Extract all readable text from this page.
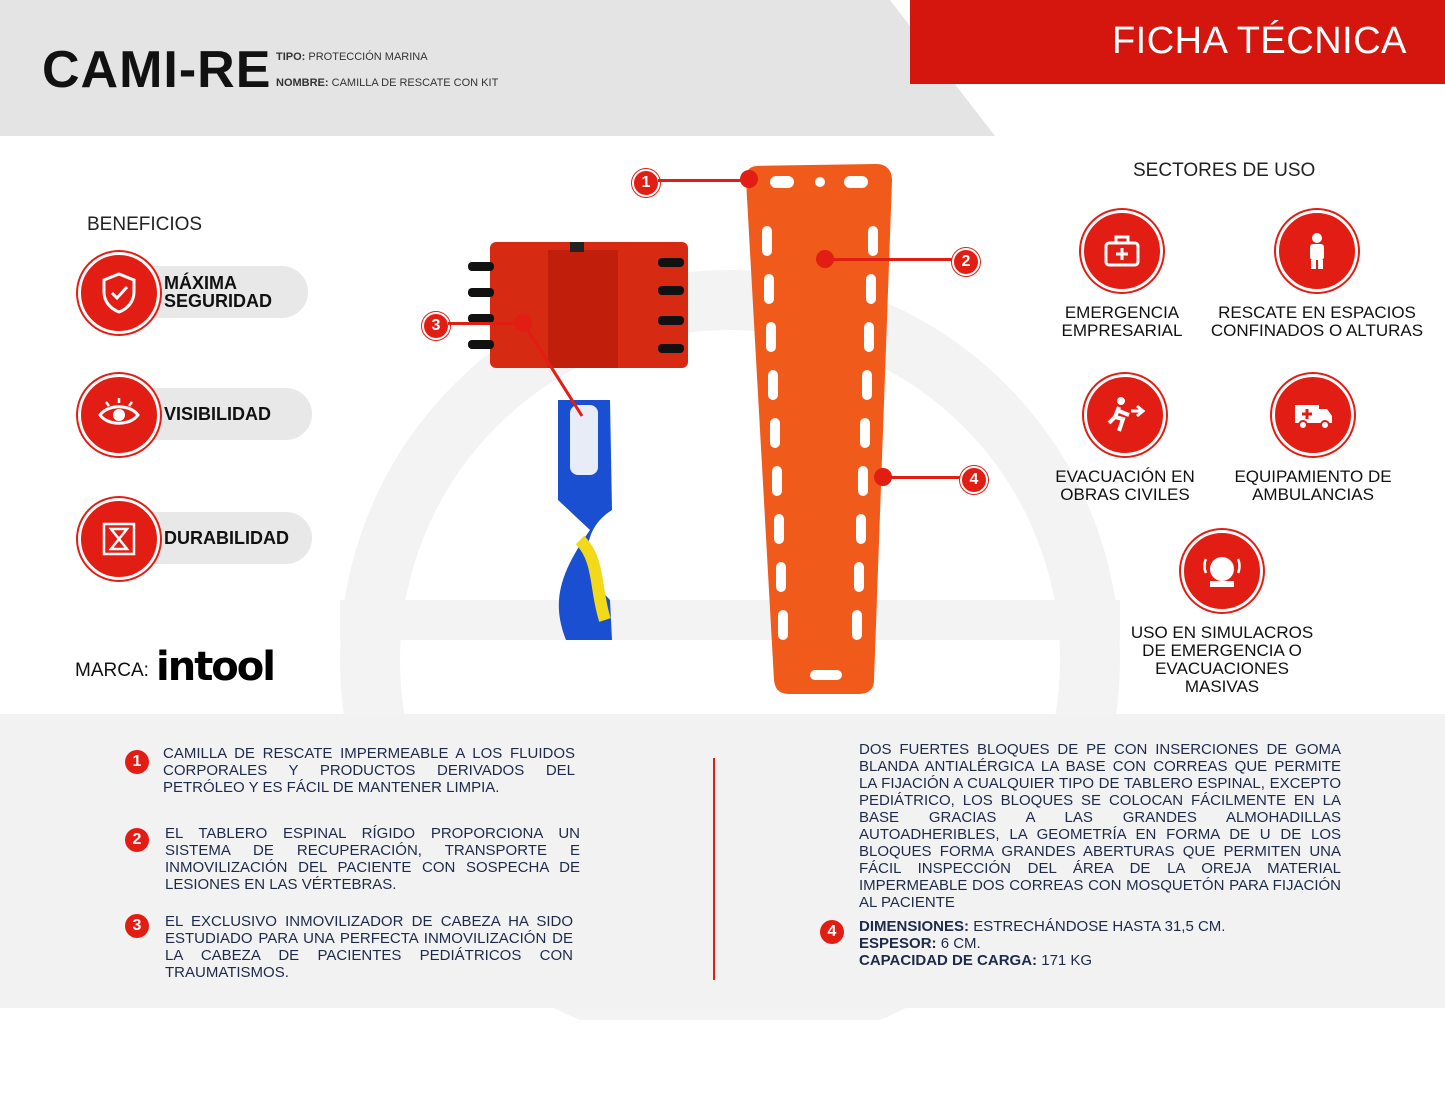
FICHA TÉCNICA
CAMI-RE TIPO: PROTECCIÓN MARINA
NOMBRE: CAMILLA DE RESCATE CON KIT
BENEFICIOS
MÁXIMA
SEGURIDAD
VISIBILIDAD
DURABILIDAD
MARCA: intool
1
2
3
4
SECTORES DE USO
EMERGENCIA
EMPRESARIAL
RESCATE EN ESPACIOS
CONFINADOS O ALTURAS
EVACUACIÓN EN
OBRAS CIVILES
EQUIPAMIENTO DE
AMBULANCIAS
USO EN SIMULACROS
DE EMERGENCIA O
EVACUACIONES
MASIVAS
1	CAMILLA DE RESCATE IMPERMEABLE A LOS FLUIDOS CORPORALES Y PRODUCTOS DERIVADOS DEL PETRÓLEO Y ES FÁCIL DE MANTENER LIMPIA.
2	EL TABLERO ESPINAL RÍGIDO PROPORCIONA UN SISTEMA DE RECUPERACIÓN, TRANSPORTE E INMOVILIZACIÓN DEL PACIENTE CON SOSPECHA DE LESIONES EN LAS VÉRTEBRAS.
3	EL EXCLUSIVO INMOVILIZADOR DE CABEZA HA SIDO ESTUDIADO PARA UNA PERFECTA INMOVILIZACIÓN DE LA CABEZA DE PACIENTES PEDIÁTRICOS CON TRAUMATISMOS.
DOS FUERTES BLOQUES DE PE CON INSERCIONES DE GOMA BLANDA ANTIALÉRGICA LA BASE CON CORREAS QUE PERMITE LA FIJACIÓN A CUALQUIER TIPO DE TABLERO ESPINAL, EXCEPTO PEDIÁTRICO, LOS BLOQUES SE COLOCAN FÁCILMENTE EN LA BASE GRACIAS A LAS GRANDES ALMOHADILLAS AUTOADHERIBLES, LA GEOMETRÍA EN FORMA DE U DE LOS BLOQUES FORMA GRANDES ABERTURAS QUE PERMITEN UNA FÁCIL INSPECCIÓN DEL ÁREA DE LA OREJA MATERIAL IMPERMEABLE DOS CORREAS CON MOSQUETÓN PARA FIJACIÓN AL PACIENTE
4	DIMENSIONES: ESTRECHÁNDOSE HASTA 31,5 CM.
ESPESOR: 6 CM.
CAPACIDAD DE CARGA: 171 KG
